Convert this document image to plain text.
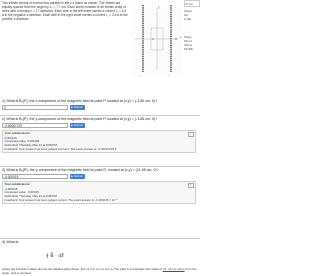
Two infinite sheets of current flow parallel to the y-z plane as shown. The sheets are equally spaced from the origin by x₀ = 7.7 cm. Each sheet consists of an infinite array of wires with a density n = 17 wires/cm. Each wire in the left sheet carries a current I₁ = 3.9 A in the negative z-direction. Each wire in the right sheet carries a current I₂ = 3.6 A in the positive z-direction.
I₁	I₂
x
y
B Cur
Variat
Mc
& Wa
Paige
Mund
SOLU
MORE
1) What is Bₓ(P), the x-component of the magnetic field at point P, located at (x,y) = (-3.85 cm, 0)?
0	▶ Submit
2) What is Bᵧ(P), the y-component of the magnetic field at point P, located at (x,y) = (-3.85 cm, 0)?
-0.00067129	▶ Submit
Your submissions:	×
0.000129
Computed value: 0.000129
Submitted: Thursday, May 12 at 8:08 PM
Feedback: Your answer has been judged incorrect. The exact answer is: -0.00067129 T
3) What is Bᵧ(R), the y-component of the magnetic field at point R, located at (x,y) = (11.55 cm, 0)?
-0.000015	▶ Submit
Your submissions:	×
-0.000015
Computed value: -0.00015
Submitted: Thursday, May 12 at 8:08 PM
Feedback: Your answer has been judged correct. The exact answer is: -0.000015 = 10⁻⁵
4) What is:
∮ B⃗ · dℓ⃗
where the integral is taken around the dashed path shown, from a to b to c to d to a. The path is a rectangle with sides of ref. refs-in-plane from the origin, and is oriented.
